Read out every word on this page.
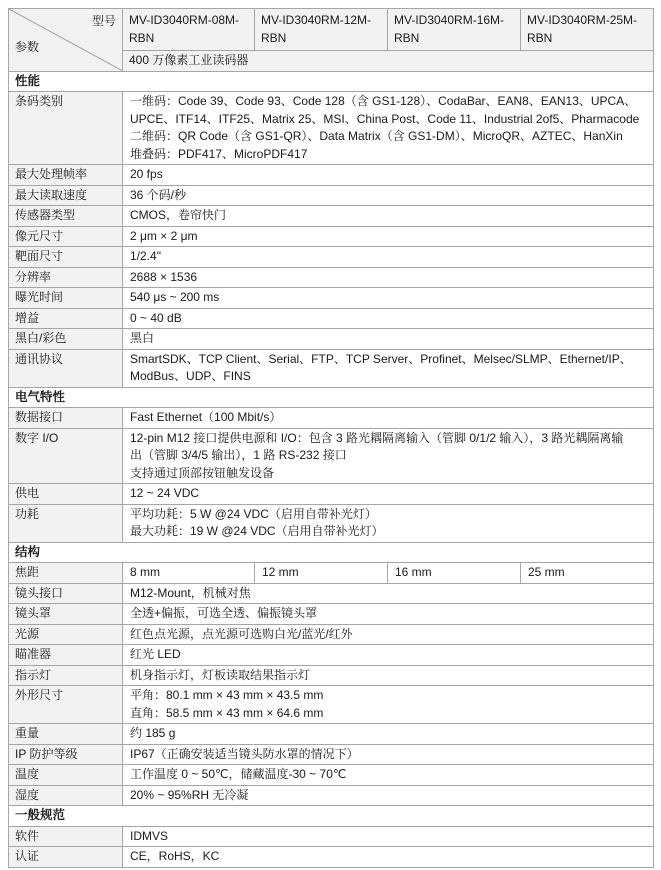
型号
参数	MV-ID3040RM-08M-RBN	MV-ID3040RM-12M-RBN	MV-ID3040RM-16M-RBN	MV-ID3040RM-25M-RBN
	400 万像素工业读码器			
性能				
条码类别	一维码：Code 39、Code 93、Code 128（含 GS1-128）、CodaBar、EAN8、EAN13、UPCA、
UPCE、ITF14、ITF25、Matrix 25、MSI、China Post、Code 11、Industrial 2of5、Pharmacode
二维码：QR Code（含 GS1-QR）、Data Matrix（含 GS1-DM）、MicroQR、AZTEC、HanXin
堆叠码：PDF417、MicroPDF417			

最大处理帧率	20 fps			

最大读取速度	36 个码/秒			

传感器类型	CMOS，卷帘快门			

像元尺寸	2 μm × 2 μm			

靶面尺寸	1/2.4"			

分辨率	2688 × 1536			

曝光时间	540 μs ~ 200 ms			

增益	0 ~ 40 dB			

黑白/彩色	黑白			

通讯协议	SmartSDK、TCP Client、Serial、FTP、TCP Server、Profinet、Melsec/SLMP、Ethernet/IP、
ModBus、UDP、FINS			

电气特性				
数据接口	Fast Ethernet（100 Mbit/s）			

数字 I/O	12-pin M12 接口提供电源和 I/O：包含 3 路光耦隔离输入（管脚 0/1/2 输入），3 路光耦隔离输
出（管脚 3/4/5 输出），1 路 RS-232 接口
支持通过顶部按钮触发设备			

供电	12 ~ 24 VDC			

功耗	平均功耗：5 W @24 VDC（启用自带补光灯）
最大功耗：19 W @24 VDC（启用自带补光灯）			

结构				
焦距	8 mm	12 mm	16 mm	25 mm
镜头接口	M12-Mount，机械对焦			

镜头罩	全透+偏振，可选全透、偏振镜头罩			

光源	红色点光源，点光源可选购白光/蓝光/红外			

瞄准器	红光 LED			

指示灯	机身指示灯，灯板读取结果指示灯			

外形尺寸	平角：80.1 mm × 43 mm × 43.5 mm
直角：58.5 mm × 43 mm × 64.6 mm			

重量	约 185 g			

IP 防护等级	IP67（正确安装适当镜头防水罩的情况下）			

温度	工作温度 0 ~ 50℃，储藏温度-30 ~ 70℃			

湿度	20% ~ 95%RH 无冷凝			

一般规范				
软件	IDMVS			

认证	CE，RoHS，KC			
